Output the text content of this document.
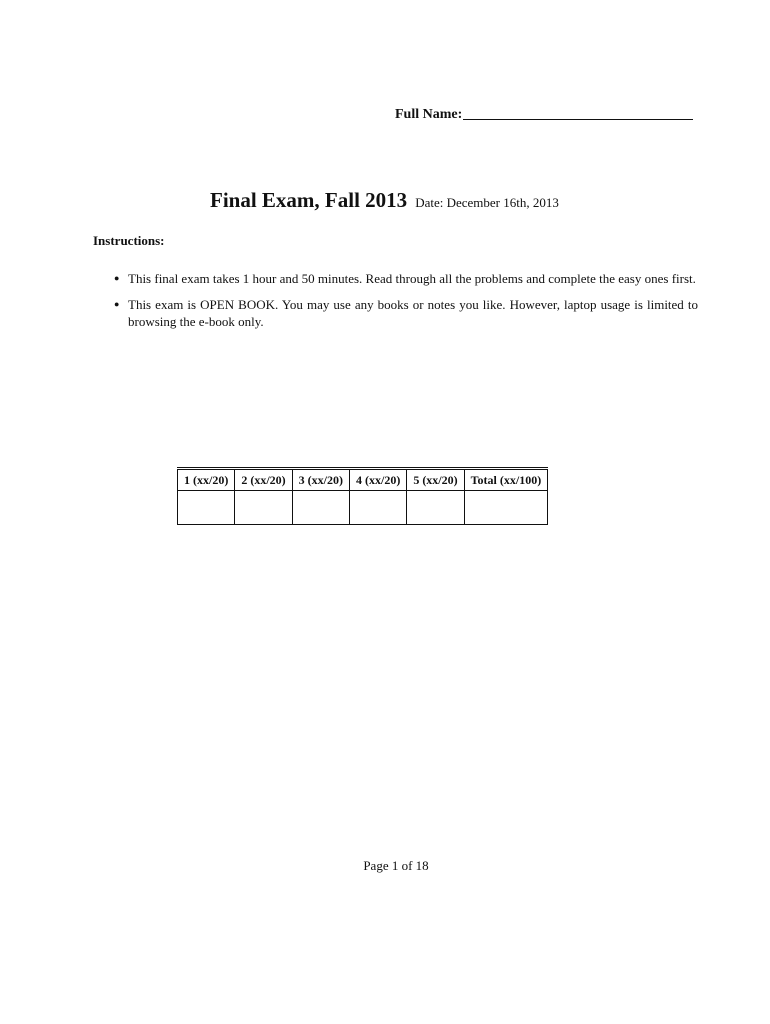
Full Name:
Final Exam, Fall 2013 Date: December 16th, 2013
Instructions:
● This final exam takes 1 hour and 50 minutes. Read through all the problems and complete the easy ones first.
● This exam is OPEN BOOK. You may use any books or notes you like. However, laptop usage is limited to browsing the e-book only.
1 (xx/20)	2 (xx/20)	3 (xx/20)	4 (xx/20)	5 (xx/20)	Total (xx/100)

Page 1 of 18
